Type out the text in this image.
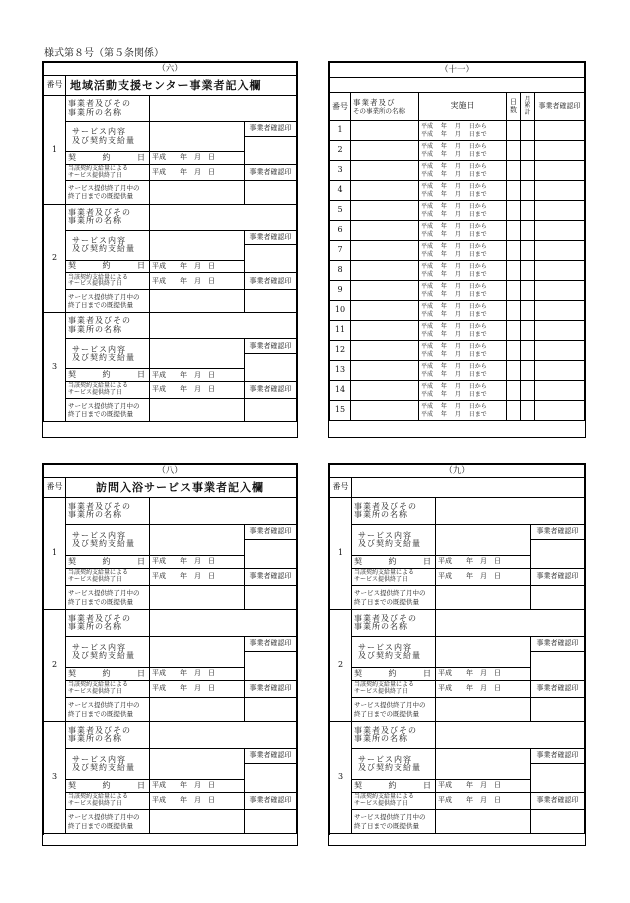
様式第８号（第５条関係）
（六）			
番号	地域活動支援センター事業者記入欄		
1	事業者及びその
事業所の名称		

	サービス内容
及び契約支給量		事業者確認印

	契 約 日	平成　　 年　 月　 日	

	当該契約支給量による
サービス提供終了日	平成　　 年　 月　 日	事業者確認印

	サービス提供終了月中の
終了日までの既提供量		

2	事業者及びその
事業所の名称		

	サービス内容
及び契約支給量		事業者確認印

	契 約 日	平成　　 年　 月　 日	

	当該契約支給量による
サービス提供終了日	平成　　 年　 月　 日	事業者確認印

	サービス提供終了月中の
終了日までの既提供量		

3	事業者及びその
事業所の名称		

	サービス内容
及び契約支給量		事業者確認印

	契 約 日	平成　　 年　 月　 日	

	当該契約支給量による
サービス提供終了日	平成　　 年　 月　 日	事業者確認印

	サービス提供終了月中の
終了日までの既提供量		

（十一）					

番号	事業者及び
その事業所の名称	実施日	日数	月累計	事業者確認印
1		平成　 年　 月　 日から
平成　 年　 月　 日まで			

2		平成　 年　 月　 日から
平成　 年　 月　 日まで			

3		平成　 年　 月　 日から
平成　 年　 月　 日まで			

4		平成　 年　 月　 日から
平成　 年　 月　 日まで			

5		平成　 年　 月　 日から
平成　 年　 月　 日まで			

6		平成　 年　 月　 日から
平成　 年　 月　 日まで			

7		平成　 年　 月　 日から
平成　 年　 月　 日まで			

8		平成　 年　 月　 日から
平成　 年　 月　 日まで			

9		平成　 年　 月　 日から
平成　 年　 月　 日まで			

10		平成　 年　 月　 日から
平成　 年　 月　 日まで			

11		平成　 年　 月　 日から
平成　 年　 月　 日まで			

12		平成　 年　 月　 日から
平成　 年　 月　 日まで			

13		平成　 年　 月　 日から
平成　 年　 月　 日まで			

14		平成　 年　 月　 日から
平成　 年　 月　 日まで			

15		平成　 年　 月　 日から
平成　 年　 月　 日まで			

（八）			
番号	訪問入浴サービス事業者記入欄		
1	事業者及びその
事業所の名称		

	サービス内容
及び契約支給量		事業者確認印

	契 約 日	平成　　 年　 月　 日	

	当該契約支給量による
サービス提供終了日	平成　　 年　 月　 日	事業者確認印

	サービス提供終了月中の
終了日までの既提供量		

2	事業者及びその
事業所の名称		

	サービス内容
及び契約支給量		事業者確認印

	契 約 日	平成　　 年　 月　 日	

	当該契約支給量による
サービス提供終了日	平成　　 年　 月　 日	事業者確認印

	サービス提供終了月中の
終了日までの既提供量		

3	事業者及びその
事業所の名称		

	サービス内容
及び契約支給量		事業者確認印

	契 約 日	平成　　 年　 月　 日	

	当該契約支給量による
サービス提供終了日	平成　　 年　 月　 日	事業者確認印

	サービス提供終了月中の
終了日までの既提供量		

（九）			
番号			
1	事業者及びその
事業所の名称		

	サービス内容
及び契約支給量		事業者確認印

	契 約 日	平成　　 年　 月　 日	

	当該契約支給量による
サービス提供終了日	平成　　 年　 月　 日	事業者確認印

	サービス提供終了月中の
終了日までの既提供量		

2	事業者及びその
事業所の名称		

	サービス内容
及び契約支給量		事業者確認印

	契 約 日	平成　　 年　 月　 日	

	当該契約支給量による
サービス提供終了日	平成　　 年　 月　 日	事業者確認印

	サービス提供終了月中の
終了日までの既提供量		

3	事業者及びその
事業所の名称		

	サービス内容
及び契約支給量		事業者確認印

	契 約 日	平成　　 年　 月　 日	

	当該契約支給量による
サービス提供終了日	平成　　 年　 月　 日	事業者確認印

	サービス提供終了月中の
終了日までの既提供量		
